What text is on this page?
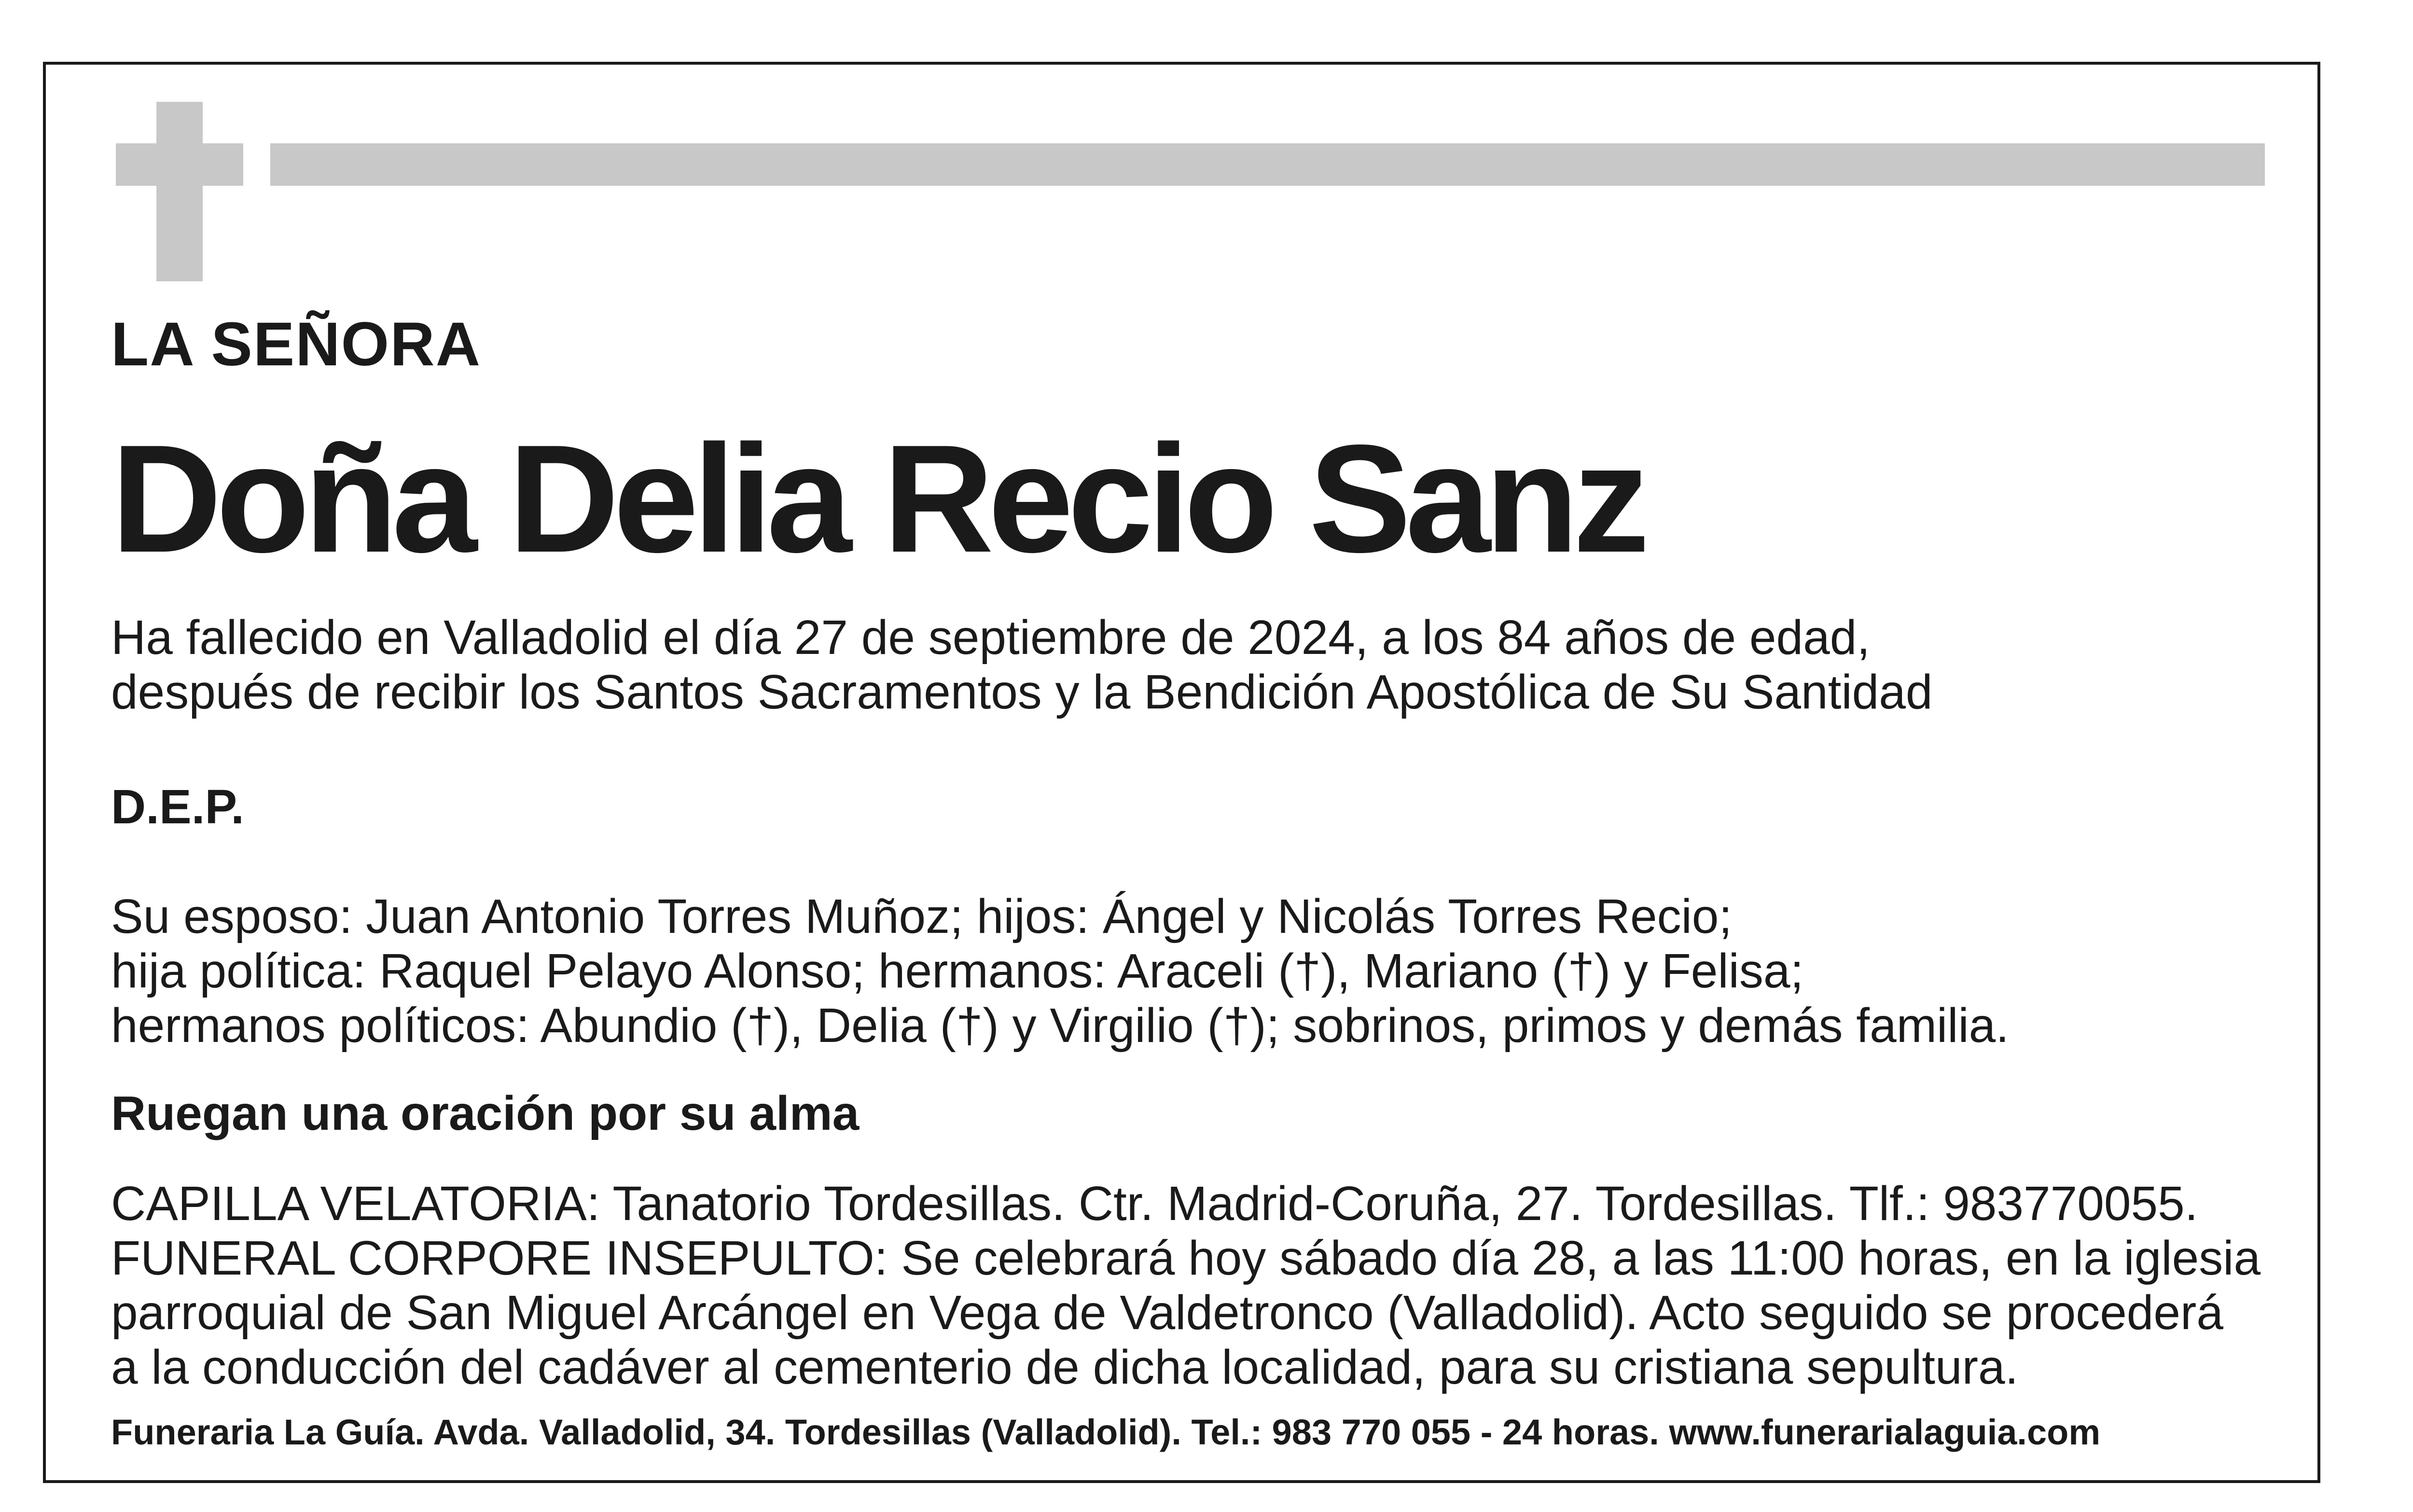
LA SEÑORA

Doña Delia Recio Sanz

Ha fallecido en Valladolid el día 27 de septiembre de 2024, a los 84 años de edad,
después de recibir los Santos Sacramentos y la Bendición Apostólica de Su Santidad

D.E.P.

Su esposo: Juan Antonio Torres Muñoz; hijos: Ángel y Nicolás Torres Recio;
hija política: Raquel Pelayo Alonso; hermanos: Araceli (†), Mariano (†) y Felisa;
hermanos políticos: Abundio (†), Delia (†) y Virgilio (†); sobrinos, primos y demás familia.

Ruegan una oración por su alma

CAPILLA VELATORIA: Tanatorio Tordesillas. Ctr. Madrid-Coruña, 27. Tordesillas. Tlf.: 983770055.
FUNERAL CORPORE INSEPULTO: Se celebrará hoy sábado día 28, a las 11:00 horas, en la iglesia
parroquial de San Miguel Arcángel en Vega de Valdetronco (Valladolid). Acto seguido se procederá
a la conducción del cadáver al cementerio de dicha localidad, para su cristiana sepultura.

Funeraria La Guía. Avda. Valladolid, 34. Tordesillas (Valladolid). Tel.: 983 770 055 - 24 horas. www.funerarialaguia.com
